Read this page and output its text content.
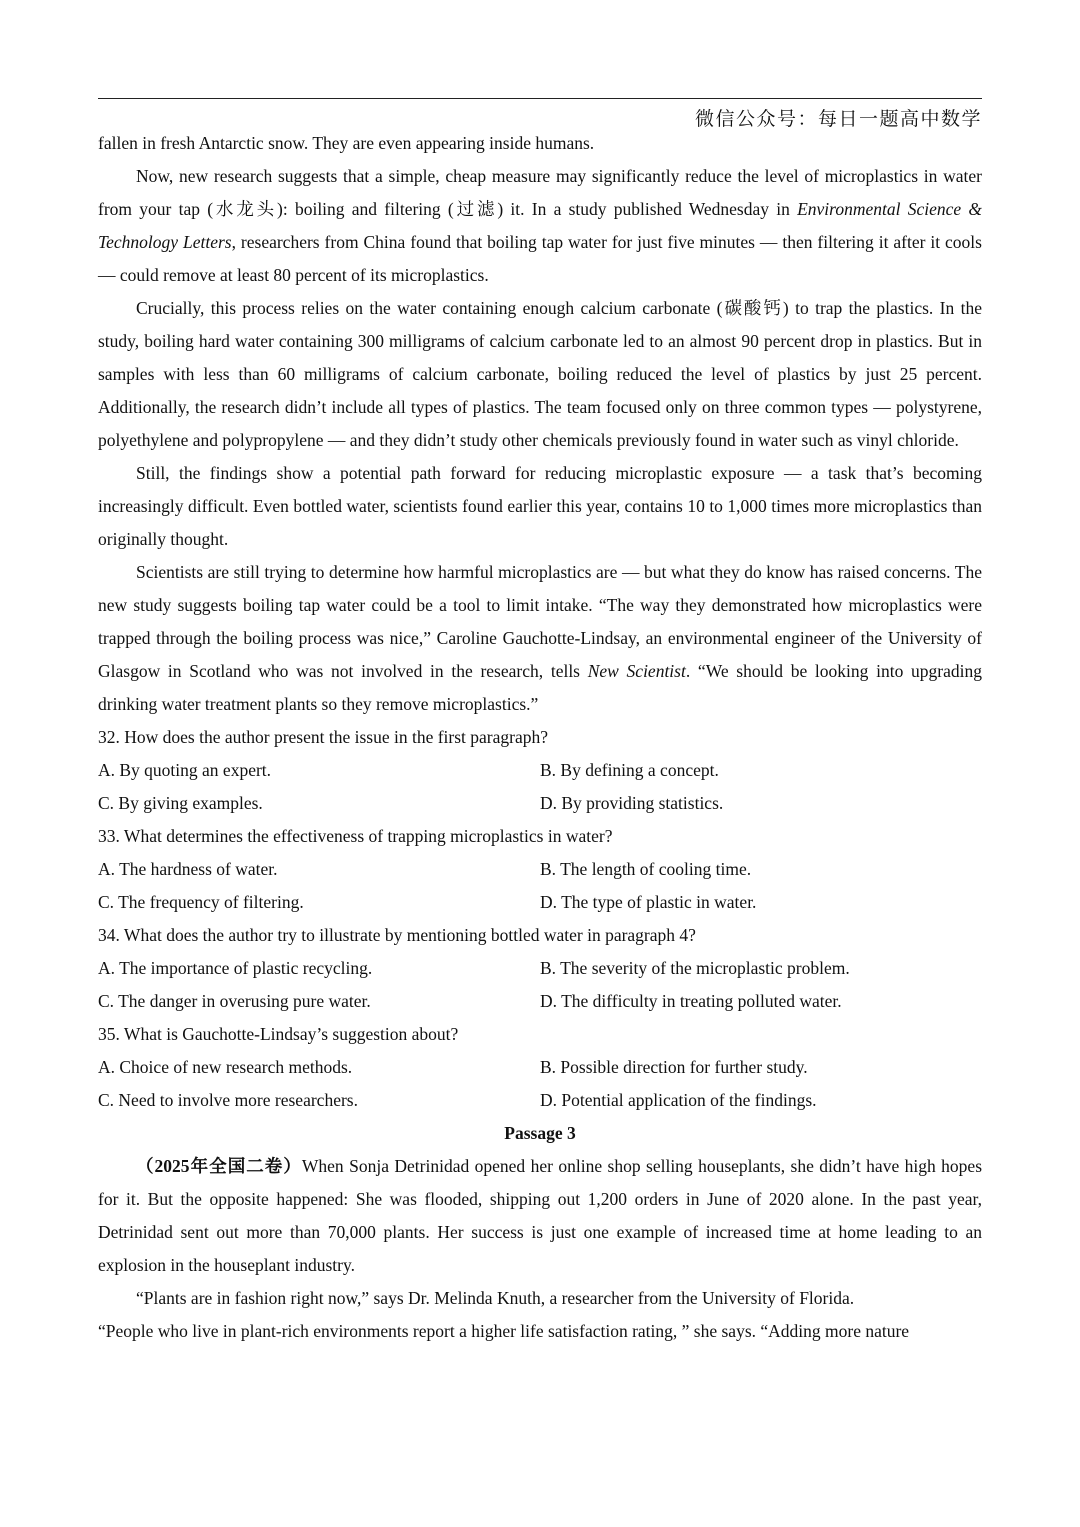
微信公众号：每日一题高中数学

fallen in fresh Antarctic snow. They are even appearing inside humans.

Now, new research suggests that a simple, cheap measure may significantly reduce the level of microplastics in water from your tap (水龙头): boiling and filtering (过滤) it. In a study published Wednesday in Environmental Science & Technology Letters, researchers from China found that boiling tap water for just five minutes — then filtering it after it cools — could remove at least 80 percent of its microplastics.

Crucially, this process relies on the water containing enough calcium carbonate (碳酸钙) to trap the plastics. In the study, boiling hard water containing 300 milligrams of calcium carbonate led to an almost 90 percent drop in plastics. But in samples with less than 60 milligrams of calcium carbonate, boiling reduced the level of plastics by just 25 percent. Additionally, the research didn’t include all types of plastics. The team focused only on three common types — polystyrene, polyethylene and polypropylene — and they didn’t study other chemicals previously found in water such as vinyl chloride.

Still, the findings show a potential path forward for reducing microplastic exposure — a task that’s becoming increasingly difficult. Even bottled water, scientists found earlier this year, contains 10 to 1,000 times more microplastics than originally thought.

Scientists are still trying to determine how harmful microplastics are — but what they do know has raised concerns. The new study suggests boiling tap water could be a tool to limit intake. “The way they demonstrated how microplastics were trapped through the boiling process was nice,” Caroline Gauchotte-Lindsay, an environmental engineer of the University of Glasgow in Scotland who was not involved in the research, tells New Scientist. “We should be looking into upgrading drinking water treatment plants so they remove microplastics.”

32. How does the author present the issue in the first paragraph?

A. By quoting an expert.	B. By defining a concept.
C. By giving examples.	D. By providing statistics.

33. What determines the effectiveness of trapping microplastics in water?

A. The hardness of water.	B. The length of cooling time.
C. The frequency of filtering.	D. The type of plastic in water.

34. What does the author try to illustrate by mentioning bottled water in paragraph 4?

A. The importance of plastic recycling.	B. The severity of the microplastic problem.
C. The danger in overusing pure water.	D. The difficulty in treating polluted water.

35. What is Gauchotte-Lindsay’s suggestion about?

A. Choice of new research methods.	B. Possible direction for further study.
C. Need to involve more researchers.	D. Potential application of the findings.

Passage 3

（2025年全国二卷）When Sonja Detrinidad opened her online shop selling houseplants, she didn’t have high hopes for it. But the opposite happened: She was flooded, shipping out 1,200 orders in June of 2020 alone. In the past year, Detrinidad sent out more than 70,000 plants. Her success is just one example of increased time at home leading to an explosion in the houseplant industry.

“Plants are in fashion right now,” says Dr. Melinda Knuth, a researcher from the University of Florida.

“People who live in plant-rich environments report a higher life satisfaction rating, ” she says. “Adding more nature
